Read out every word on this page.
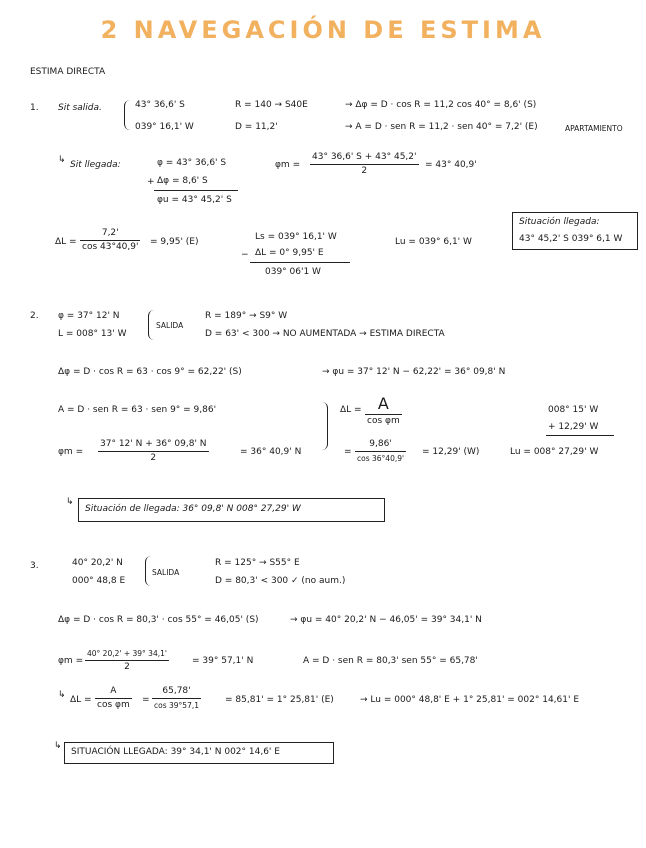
2 NAVEGACIÓN DE ESTIMA
ESTIMA DIRECTA
1. Sit salida.	43° 36,6' S
039° 16,1' W
R = 140 → S40E
D = 11,2'
→ Δφ = D · cos R = 11,2 cos 40° = 8,6' (S)
→ A = D · sen R = 11,2 · sen 40° = 7,2' (E)	APARTAMIENTO
↳ Sit llegada:	φ = 43° 36,6' S
+ Δφ = 8,6' S
φu = 43° 45,2' S
φm =
43° 36,6' S + 43° 45,2'
2
= 43° 40,9'
ΔL =
7,2'
cos 43°40,9' = 9,95' (E)	Ls = 039° 16,1' W
− ΔL = 0° 9,95' E
039° 06'1 W
Lu = 039° 6,1' W
Situación llegada:
43° 45,2' S 039° 6,1 W
2. φ = 37° 12' N
L = 008° 13' W
SALIDA
R = 189° → S9° W
D = 63' < 300 → NO AUMENTADA → ESTIMA DIRECTA
Δφ = D · cos R = 63 · cos 9° = 62,22' (S)	→ φu = 37° 12' N − 62,22' = 36° 09,8' N
A = D · sen R = 63 · sen 9° = 9,86'
φm =
37° 12' N + 36° 09,8' N
2
= 36° 40,9' N
ΔL = A
cos φm
=
9,86'
cos 36°40,9'
= 12,29' (W)
008° 15' W
+ 12,29' W
Lu = 008° 27,29' W
↳
Situación de llegada: 36° 09,8' N 008° 27,29' W
3.	40° 20,2' N
000° 48,8 E
SALIDA
R = 125° → S55° E
D = 80,3' < 300 ✓ (no aum.)
Δφ = D · cos R = 80,3' · cos 55° = 46,05' (S)	→ φu = 40° 20,2' N − 46,05' = 39° 34,1' N
φm =
40° 20,2' + 39° 34,1'
2
= 39° 57,1' N	A = D · sen R = 80,3' sen 55° = 65,78'
↳ ΔL =
A
cos φm =
65,78'
cos 39°57,1
= 85,81' = 1° 25,81' (E)	→ Lu = 000° 48,8' E + 1° 25,81' = 002° 14,61' E
↳
SITUACIÓN LLEGADA: 39° 34,1' N 002° 14,6' E
